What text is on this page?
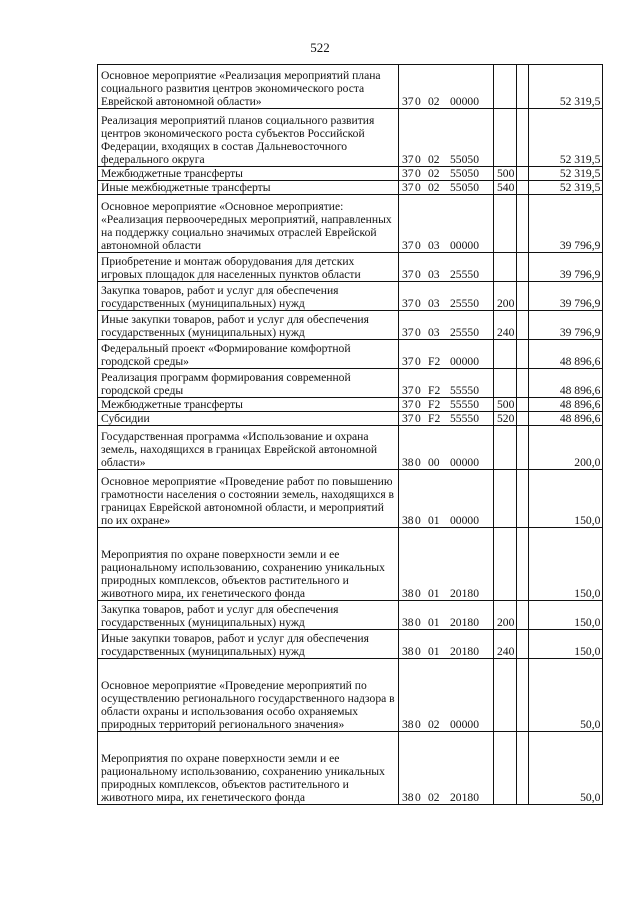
522
Основное мероприятие «Реализация мероприятий плана социального развития центров экономического роста Еврейской автономной области»	370 02 00000			52 319,5
Реализация мероприятий планов социального развития центров экономического роста субъектов Российской Федерации, входящих в состав Дальневосточного федерального округа	370 02 55050			52 319,5
Межбюджетные трансферты	370 02 55050	500		52 319,5
Иные межбюджетные трансферты	370 02 55050	540		52 319,5
Основное мероприятие «Основное мероприятие: «Реализация первоочередных мероприятий, направленных на поддержку социально значимых отраслей Еврейской автономной области	370 03 00000			39 796,9
Приобретение и монтаж оборудования для детских игровых площадок для населенных пунктов области	370 03 25550			39 796,9
Закупка товаров, работ и услуг для обеспечения государственных (муниципальных) нужд	370 03 25550	200		39 796,9
Иные закупки товаров, работ и услуг для обеспечения государственных (муниципальных) нужд	370 03 25550	240		39 796,9
Федеральный проект «Формирование комфортной городской среды»	370 F2 00000			48 896,6
Реализация программ формирования современной городской среды	370 F2 55550			48 896,6
Межбюджетные трансферты	370 F2 55550	500		48 896,6
Субсидии	370 F2 55550	520		48 896,6
Государственная программа «Использование и охрана земель, находящихся в границах Еврейской автономной области»	380 00 00000			200,0
Основное мероприятие «Проведение работ по повышению грамотности населения о состоянии земель, находящихся в границах Еврейской автономной области, и мероприятий по их охране»	380 01 00000			150,0
Мероприятия по охране поверхности земли и ее рациональному использованию, сохранению уникальных природных комплексов, объектов растительного и животного мира, их генетического фонда	380 01 20180			150,0
Закупка товаров, работ и услуг для обеспечения государственных (муниципальных) нужд	380 01 20180	200		150,0
Иные закупки товаров, работ и услуг для обеспечения государственных (муниципальных) нужд	380 01 20180	240		150,0
Основное мероприятие «Проведение мероприятий по осуществлению регионального государственного надзора в области охраны и использования особо охраняемых природных территорий регионального значения»	380 02 00000			50,0
Мероприятия по охране поверхности земли и ее рациональному использованию, сохранению уникальных природных комплексов, объектов растительного и животного мира, их генетического фонда	380 02 20180			50,0
